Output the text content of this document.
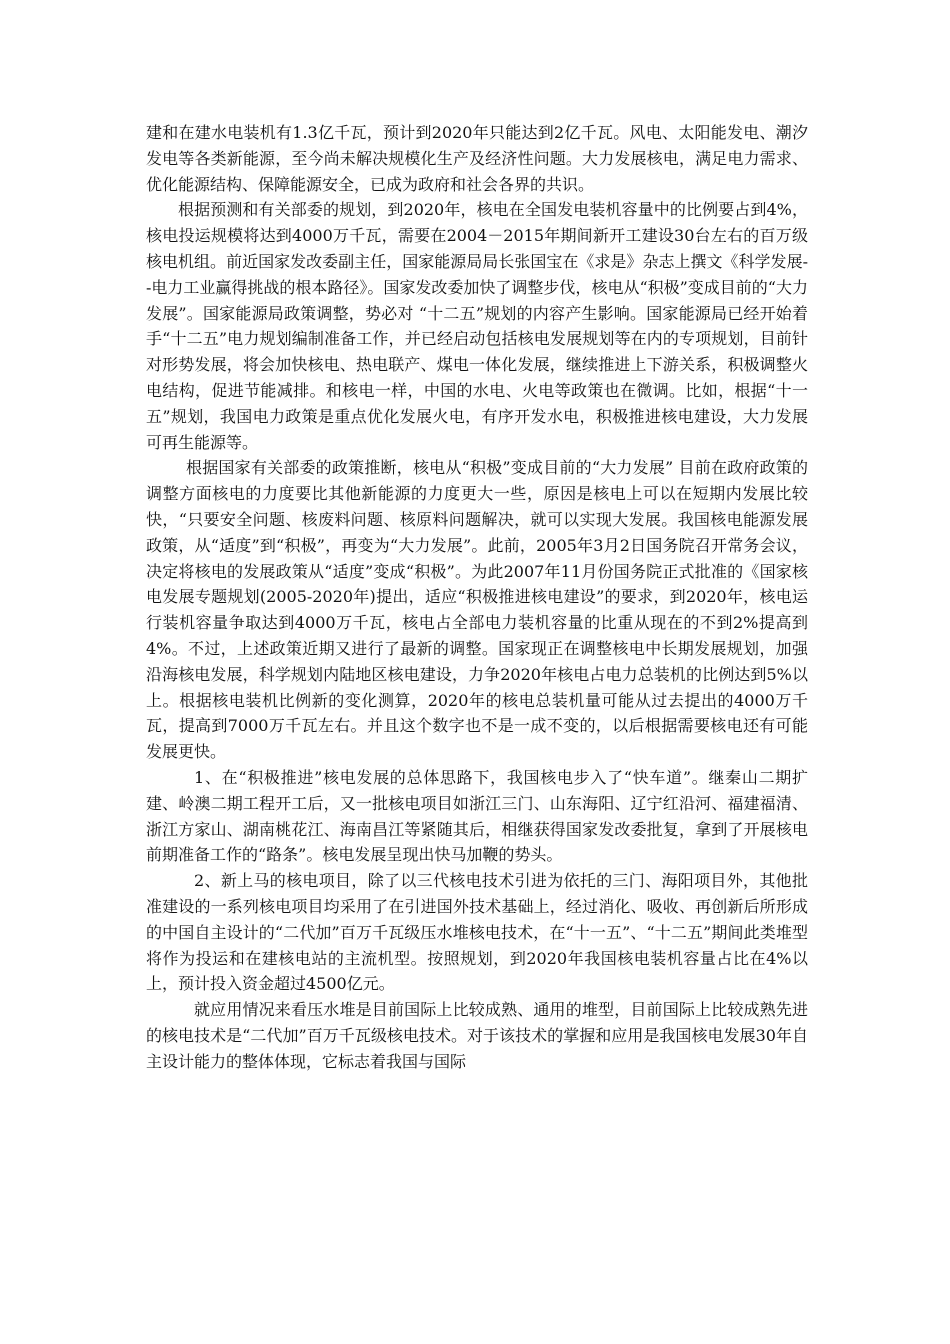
建和在建水电装机有1.3亿千瓦，预计到2020年只能达到2亿千瓦。风电、太阳能发电、潮汐发电等各类新能源，至今尚未解决规模化生产及经济性问题。大力发展核电，满足电力需求、优化能源结构、保障能源安全，已成为政府和社会各界的共识。

根据预测和有关部委的规划，到2020年，核电在全国发电装机容量中的比例要占到4%，核电投运规模将达到4000万千瓦，需要在2004－2015年期间新开工建设30台左右的百万级核电机组。前近国家发改委副主任，国家能源局局长张国宝在《求是》杂志上撰文《科学发展--电力工业赢得挑战的根本路径》。国家发改委加快了调整步伐，核电从“积极”变成目前的“大力发展”。国家能源局政策调整，势必对 “十二五”规划的内容产生影响。国家能源局已经开始着手“十二五”电力规划编制准备工作，并已经启动包括核电发展规划等在内的专项规划，目前针对形势发展，将会加快核电、热电联产、煤电一体化发展，继续推进上下游关系，积极调整火电结构，促进节能减排。和核电一样，中国的水电、火电等政策也在微调。比如，根据“十一五”规划，我国电力政策是重点优化发展火电，有序开发水电，积极推进核电建设，大力发展可再生能源等。

根据国家有关部委的政策推断，核电从“积极”变成目前的“大力发展” 目前在政府政策的调整方面核电的力度要比其他新能源的力度更大一些，原因是核电上可以在短期内发展比较快，“只要安全问题、核废料问题、核原料问题解决，就可以实现大发展。我国核电能源发展政策，从“适度”到“积极”，再变为“大力发展”。此前，2005年3月2日国务院召开常务会议，决定将核电的发展政策从“适度”变成“积极”。为此2007年11月份国务院正式批准的《国家核电发展专题规划(2005-2020年)提出，适应“积极推进核电建设”的要求，到2020年，核电运行装机容量争取达到4000万千瓦，核电占全部电力装机容量的比重从现在的不到2%提高到4%。不过，上述政策近期又进行了最新的调整。国家现正在调整核电中长期发展规划，加强沿海核电发展，科学规划内陆地区核电建设，力争2020年核电占电力总装机的比例达到5%以上。根据核电装机比例新的变化测算，2020年的核电总装机量可能从过去提出的4000万千瓦，提高到7000万千瓦左右。并且这个数字也不是一成不变的，以后根据需要核电还有可能发展更快。

1、在“积极推进”核电发展的总体思路下，我国核电步入了“快车道”。继秦山二期扩建、岭澳二期工程开工后，又一批核电项目如浙江三门、山东海阳、辽宁红沿河、福建福清、浙江方家山、湖南桃花江、海南昌江等紧随其后，相继获得国家发改委批复，拿到了开展核电前期准备工作的“路条”。核电发展呈现出快马加鞭的势头。

2、新上马的核电项目，除了以三代核电技术引进为依托的三门、海阳项目外，其他批准建设的一系列核电项目均采用了在引进国外技术基础上，经过消化、吸收、再创新后所形成的中国自主设计的“二代加”百万千瓦级压水堆核电技术，在“十一五”、“十二五”期间此类堆型将作为投运和在建核电站的主流机型。按照规划，到2020年我国核电装机容量占比在4%以上，预计投入资金超过4500亿元。

就应用情况来看压水堆是目前国际上比较成熟、通用的堆型，目前国际上比较成熟先进的核电技术是“二代加”百万千瓦级核电技术。对于该技术的掌握和应用是我国核电发展30年自主设计能力的整体体现，它标志着我国与国际
